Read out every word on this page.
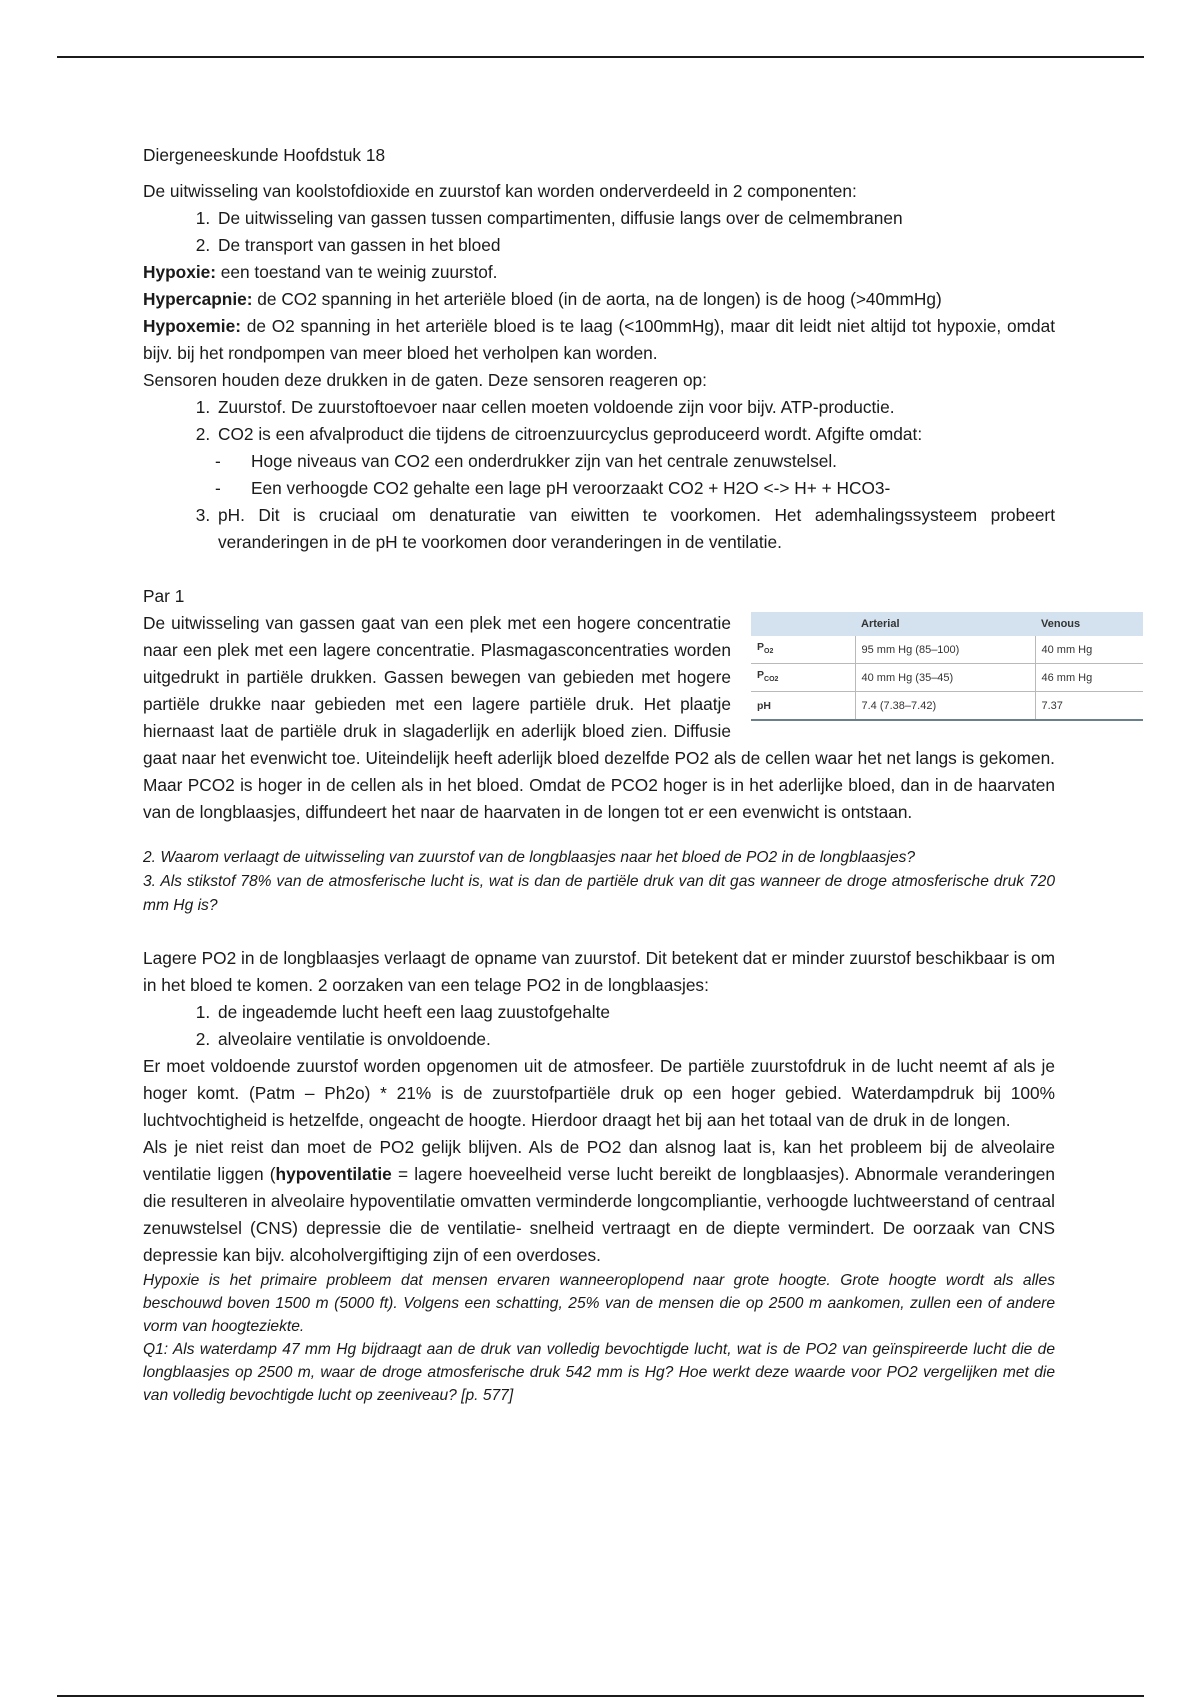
Diergeneeskunde Hoofdstuk 18

De uitwisseling van koolstofdioxide en zuurstof kan worden onderverdeeld in 2 componenten:

1. De uitwisseling van gassen tussen compartimenten, diffusie langs over de celmembranen
2. De transport van gassen in het bloed

Hypoxie: een toestand van te weinig zuurstof.

Hypercapnie: de CO2 spanning in het arteriële bloed (in de aorta, na de longen) is de hoog (>40mmHg)

Hypoxemie: de O2 spanning in het arteriële bloed is te laag (<100mmHg), maar dit leidt niet altijd tot hypoxie, omdat bijv. bij het rondpompen van meer bloed het verholpen kan worden.

Sensoren houden deze drukken in de gaten. Deze sensoren reageren op:

1. Zuurstof. De zuurstoftoevoer naar cellen moeten voldoende zijn voor bijv. ATP-productie.
2. CO2 is een afvalproduct die tijdens de citroenzuurcyclus geproduceerd wordt. Afgifte omdat:
- Hoge niveaus van CO2 een onderdrukker zijn van het centrale zenuwstelsel.
- Een verhoogde CO2 gehalte een lage pH veroorzaakt CO2 + H2O <-> H+ + HCO3-
3. pH. Dit is cruciaal om denaturatie van eiwitten te voorkomen. Het ademhalingssysteem probeert veranderingen in de pH te voorkomen door veranderingen in de ventilatie.

Par 1

	Arterial	Venous
$P_{O2}$	95 mm Hg (85–100)	40 mm Hg
$P_{CO2}$	40 mm Hg (35–45)	46 mm Hg
pH	7.4 (7.38–7.42)	7.37
De uitwisseling van gassen gaat van een plek met een hogere concentratie naar een plek met een lagere concentratie. Plasmagasconcentraties worden uitgedrukt in partiële drukken. Gassen bewegen van gebieden met hogere partiële drukke naar gebieden met een lagere partiële druk. Het plaatje hiernaast laat de partiële druk in slagaderlijk en aderlijk bloed zien. Diffusie gaat naar het evenwicht toe. Uiteindelijk heeft aderlijk bloed dezelfde PO2 als de cellen waar het net langs is gekomen. Maar PCO2 is hoger in de cellen als in het bloed. Omdat de PCO2 hoger is in het aderlijke bloed, dan in de haarvaten van de longblaasjes, diffundeert het naar de haarvaten in de longen tot er een evenwicht is ontstaan.

2. Waarom verlaagt de uitwisseling van zuurstof van de longblaasjes naar het bloed de PO2 in de longblaasjes?

3. Als stikstof 78% van de atmosferische lucht is, wat is dan de partiële druk van dit gas wanneer de droge atmosferische druk 720 mm Hg is?

Lagere PO2 in de longblaasjes verlaagt de opname van zuurstof. Dit betekent dat er minder zuurstof beschikbaar is om in het bloed te komen. 2 oorzaken van een telage PO2 in de longblaasjes:

1. de ingeademde lucht heeft een laag zuustofgehalte
2. alveolaire ventilatie is onvoldoende.

Er moet voldoende zuurstof worden opgenomen uit de atmosfeer. De partiële zuurstofdruk in de lucht neemt af als je hoger komt. (Patm – Ph2o) * 21% is de zuurstofpartiële druk op een hoger gebied. Waterdampdruk bij 100% luchtvochtigheid is hetzelfde, ongeacht de hoogte. Hierdoor draagt het bij aan het totaal van de druk in de longen.

Als je niet reist dan moet de PO2 gelijk blijven. Als de PO2 dan alsnog laat is, kan het probleem bij de alveolaire ventilatie liggen (hypoventilatie = lagere hoeveelheid verse lucht bereikt de longblaasjes). Abnormale veranderingen die resulteren in alveolaire hypoventilatie omvatten verminderde longcompliantie, verhoogde luchtweerstand of centraal zenuwstelsel (CNS) depressie die de ventilatie- snelheid vertraagt en de diepte vermindert. De oorzaak van CNS depressie kan bijv. alcoholvergiftiging zijn of een overdoses.

Hypoxie is het primaire probleem dat mensen ervaren wanneeroplopend naar grote hoogte. Grote hoogte wordt als alles beschouwd boven 1500 m (5000 ft). Volgens een schatting, 25% van de mensen die op 2500 m aankomen, zullen een of andere vorm van hoogteziekte.

Q1: Als waterdamp 47 mm Hg bijdraagt aan de druk van volledig bevochtigde lucht, wat is de PO2 van geïnspireerde lucht die de longblaasjes op 2500 m, waar de droge atmosferische druk 542 mm is Hg? Hoe werkt deze waarde voor PO2 vergelijken met die van volledig bevochtigde lucht op zeeniveau? [p. 577]
